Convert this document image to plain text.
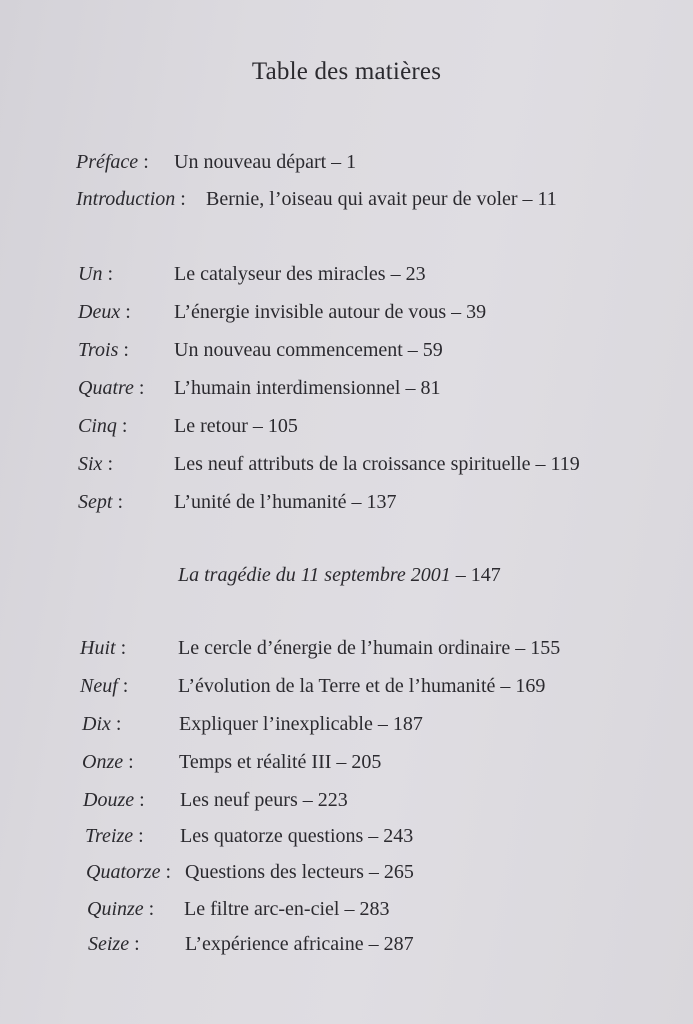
Table des matières
Préface : Un nouveau départ – 1
Introduction : Bernie, l’oiseau qui avait peur de voler – 11
Un :	Le catalyseur des miracles – 23
Deux : L’énergie invisible autour de vous – 39
Trois : Un nouveau commencement – 59
Quatre : L’humain interdimensionnel – 81
Cinq : Le retour – 105
Six :	Les neuf attributs de la croissance spirituelle – 119
Sept :	L’unité de l’humanité – 137
La tragédie du 11 septembre 2001 – 147
Huit :	Le cercle d’énergie de l’humain ordinaire – 155
Neuf : L’évolution de la Terre et de l’humanité – 169
Dix :	Expliquer l’inexplicable – 187
Onze : Temps et réalité III – 205
Douze : Les neuf peurs – 223
Treize : Les quatorze questions – 243
Quatorze : Questions des lecteurs – 265
Quinze : Le filtre arc-en-ciel – 283
Seize : L’expérience africaine – 287
